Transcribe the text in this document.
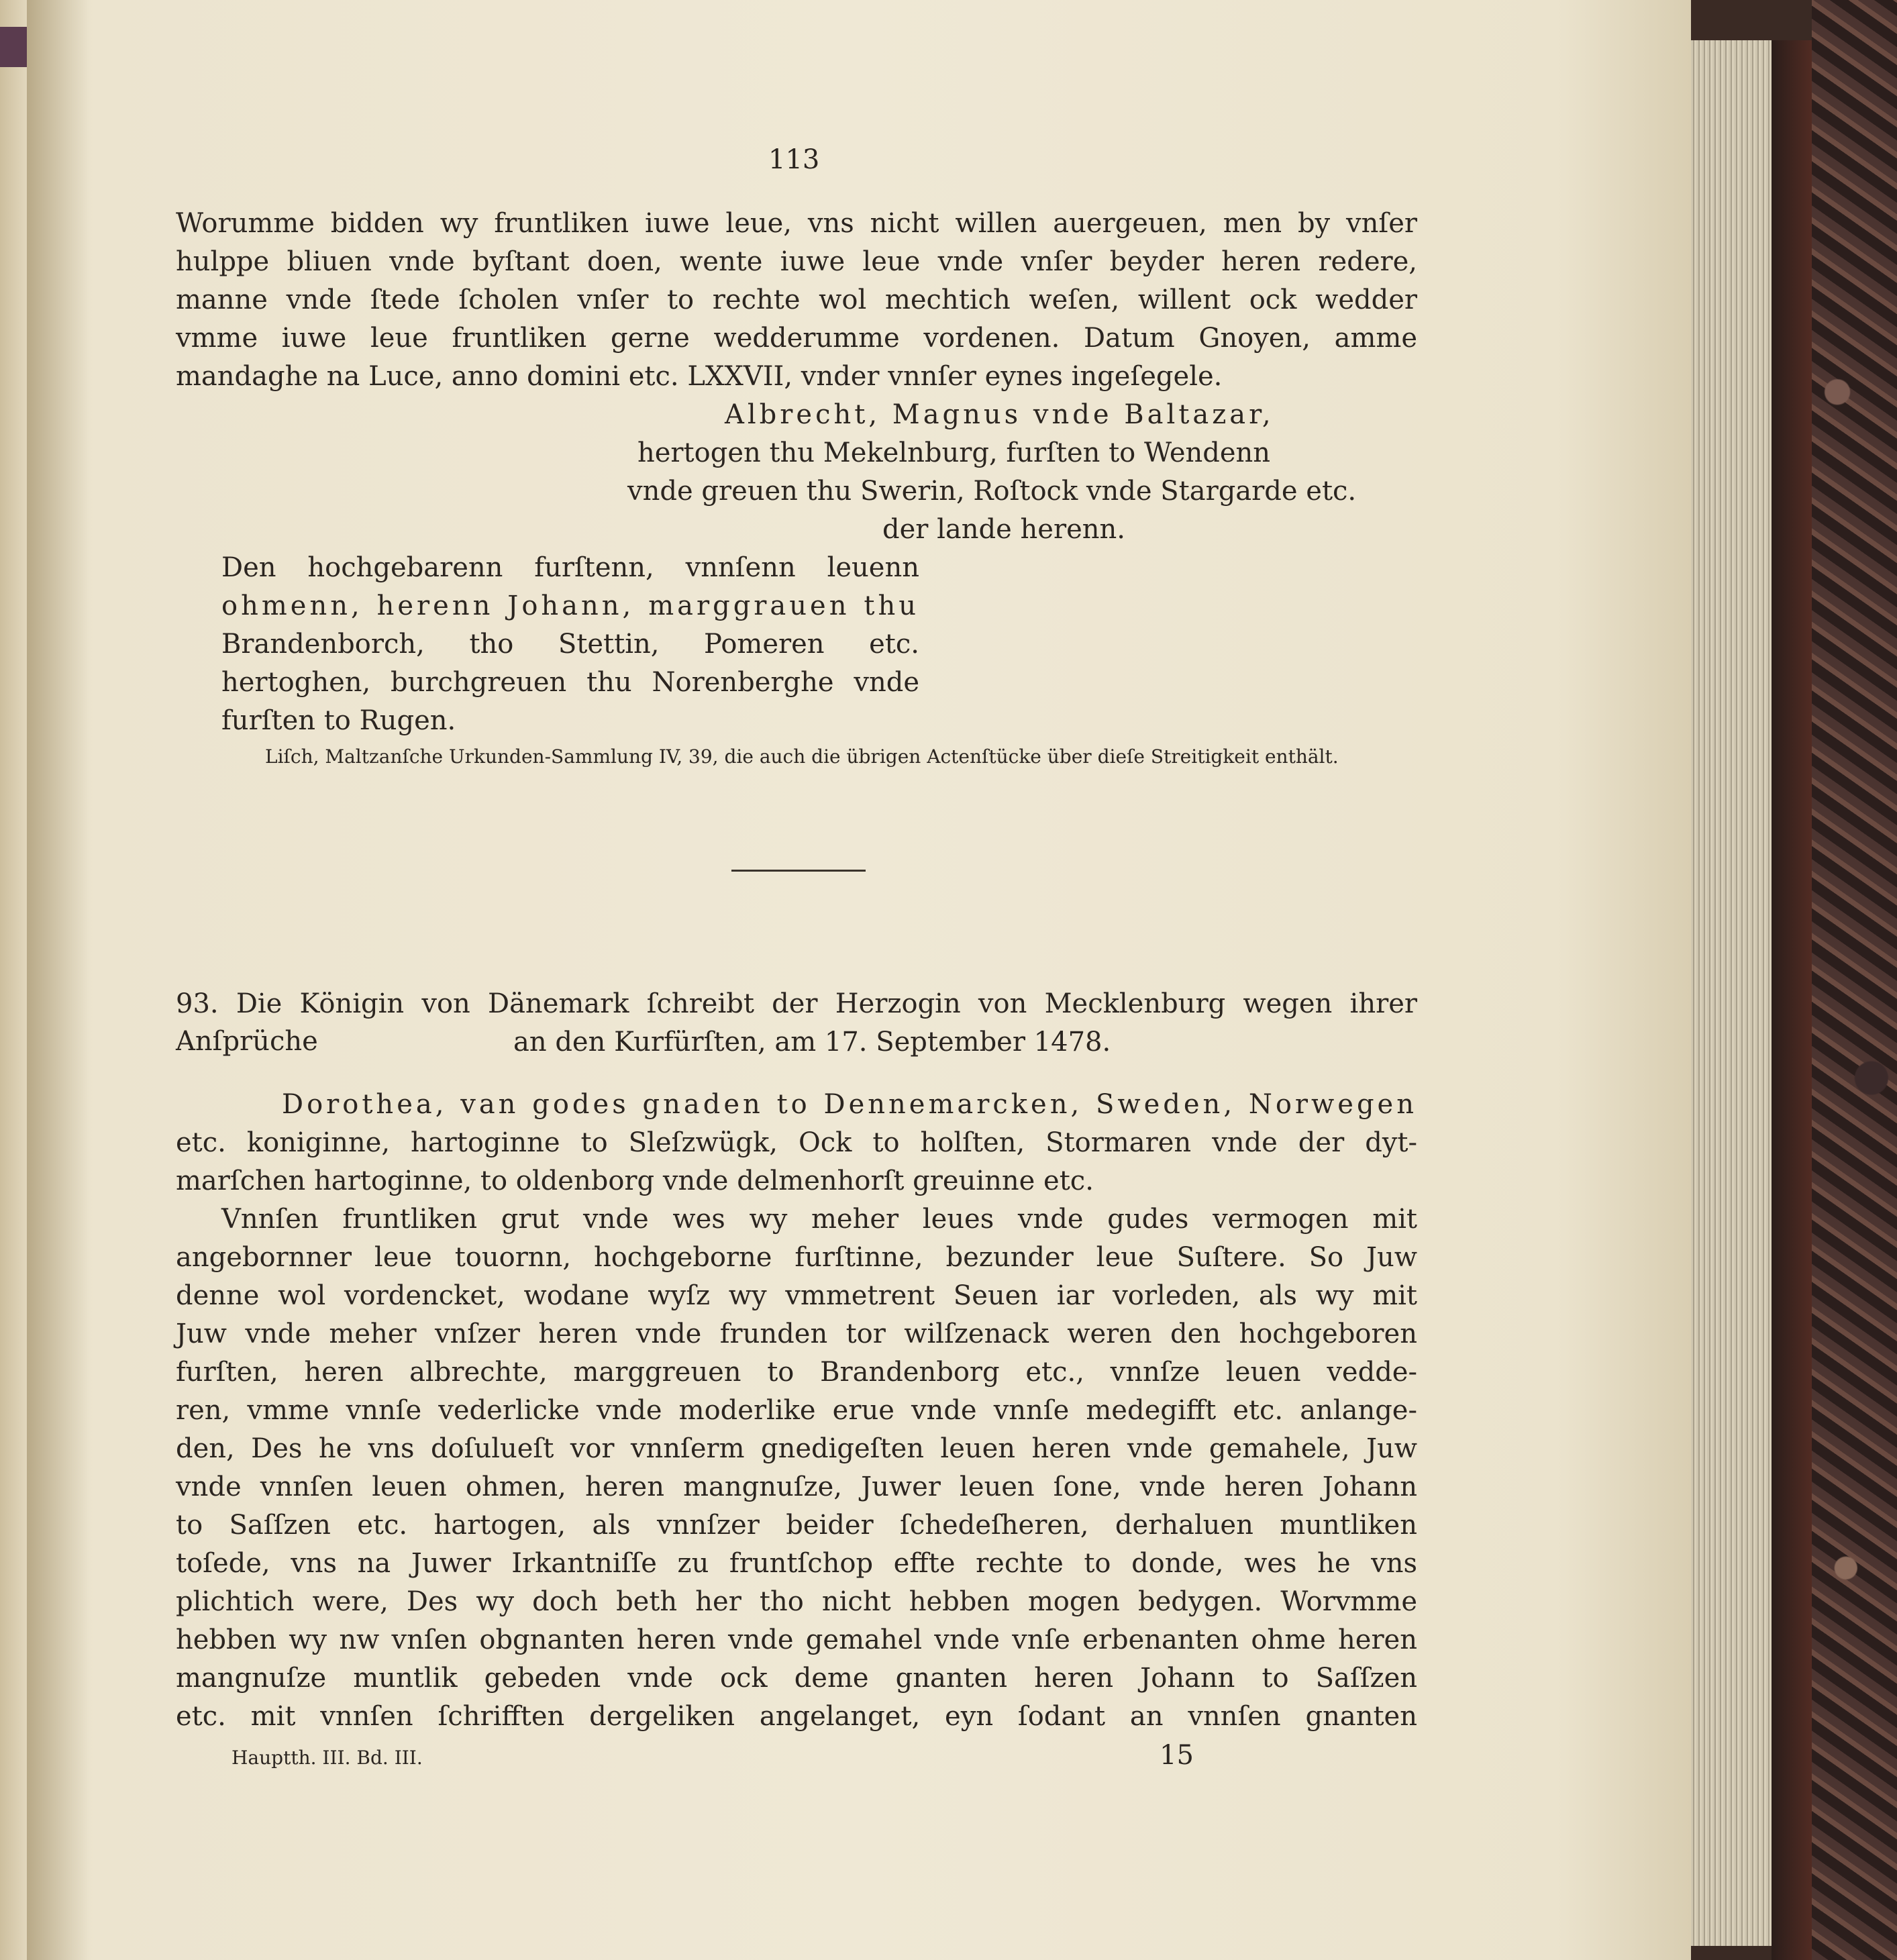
113

Worumme bidden wy fruntliken iuwe leue, vns nicht willen auergeuen, men by vnſer

hulppe bliuen vnde byſtant doen, wente iuwe leue vnde vnſer beyder heren redere,

manne vnde ſtede ſcholen vnſer to rechte wol mechtich weſen, willent ock wedder

vmme iuwe leue fruntliken gerne wedderumme vordenen. Datum Gnoyen, amme

mandaghe na Luce, anno domini etc. LXXVII, vnder vnnſer eynes ingeſegele.

Albrecht, Magnus vnde Baltazar,

hertogen thu Mekelnburg, furſten to Wendenn

vnde greuen thu Swerin, Roſtock vnde Stargarde etc.

der lande herenn.

Den hochgebarenn furſtenn, vnnſenn leuenn

ohmenn, herenn Johann, marggrauen thu

Brandenborch, tho Stettin, Pomeren etc.

hertoghen, burchgreuen thu Norenberghe vnde

furſten to Rugen.

Liſch, Maltzanſche Urkunden-Sammlung IV, 39, die auch die übrigen Actenſtücke über dieſe Streitigkeit enthält.

93. Die Königin von Dänemark ſchreibt der Herzogin von Mecklenburg wegen ihrer Anſprüche	an den Kurfürſten, am 17. September 1478.

Dorothea, van godes gnaden to Dennemarcken, Sweden, Norwegen

etc. koniginne, hartoginne to Sleſzwügk, Ock to holſten, Stormaren vnde der dyt-

marſchen hartoginne, to oldenborg vnde delmenhorſt greuinne etc.

Vnnſen fruntliken grut vnde wes wy meher leues vnde gudes vermogen mit

angebornner leue touornn, hochgeborne furſtinne, bezunder leue Suſtere. So Juw

denne wol vordencket, wodane wyſz wy vmmetrent Seuen iar vorleden, als wy mit

Juw vnde meher vnſzer heren vnde frunden tor wilſzenack weren den hochgeboren

furſten, heren albrechte, marggreuen to Brandenborg etc., vnnſze leuen vedde-

ren, vmme vnnſe vederlicke vnde moderlike erue vnde vnnſe medegifft etc. anlange-

den, Des he vns doſulueſt vor vnnſerm gnedigeſten leuen heren vnde gemahele, Juw

vnde vnnſen leuen ohmen, heren mangnuſze, Juwer leuen ſone, vnde heren Johann

to Saſſzen etc. hartogen, als vnnſzer beider ſchedeſheren, derhaluen muntliken

toſede, vns na Juwer Irkantniſſe zu fruntſchop effte rechte to donde, wes he vns

plichtich were, Des wy doch beth her tho nicht hebben mogen bedygen. Worvmme

hebben wy nw vnſen obgnanten heren vnde gemahel vnde vnſe erbenanten ohme heren

mangnuſze muntlik gebeden vnde ock deme gnanten heren Johann to Saſſzen

etc. mit vnnſen ſchrifften dergeliken angelanget, eyn ſodant an vnnſen gnanten

Hauptth. III. Bd. III.	15
